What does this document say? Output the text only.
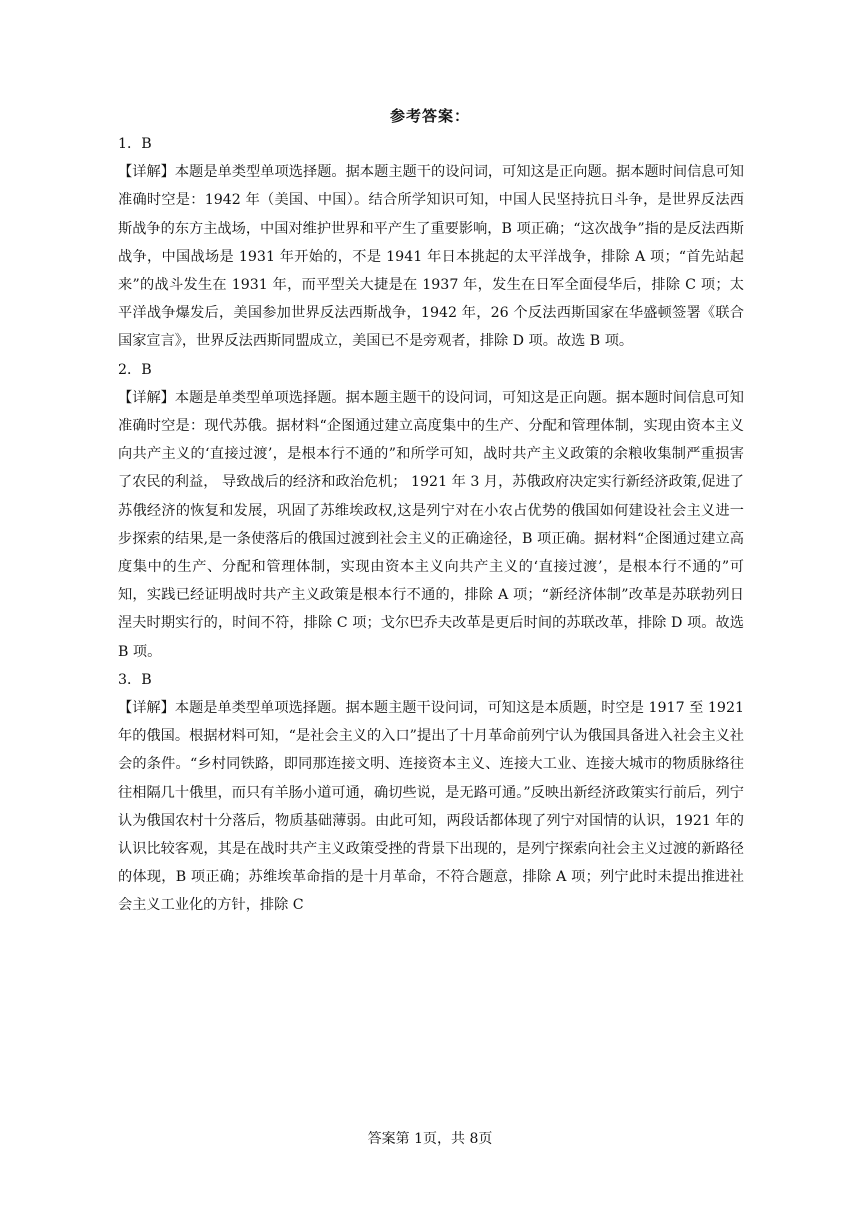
参考答案：
1．B

【详解】本题是单类型单项选择题。据本题主题干的设问词，可知这是正向题。据本题时间信息可知准确时空是：1942 年（美国、中国）。结合所学知识可知，中国人民坚持抗日斗争，是世界反法西斯战争的东方主战场，中国对维护世界和平产生了重要影响，B 项正确；“这次战争”指的是反法西斯战争，中国战场是 1931 年开始的，不是 1941 年日本挑起的太平洋战争，排除 A 项；“首先站起来”的战斗发生在 1931 年，而平型关大捷是在 1937 年，发生在日军全面侵华后，排除 C 项；太平洋战争爆发后，美国参加世界反法西斯战争，1942 年，26 个反法西斯国家在华盛顿签署《联合国家宣言》，世界反法西斯同盟成立，美国已不是旁观者，排除 D 项。故选 B 项。

2．B

【详解】本题是单类型单项选择题。据本题主题干的设问词，可知这是正向题。据本题时间信息可知准确时空是：现代苏俄。据材料“企图通过建立高度集中的生产、分配和管理体制，实现由资本主义向共产主义的‘直接过渡’，是根本行不通的”和所学可知，战时共产主义政策的余粮收集制严重损害了农民的利益， 导致战后的经济和政治危机； 1921 年 3 月，苏俄政府决定实行新经济政策,促进了苏俄经济的恢复和发展，巩固了苏维埃政权,这是列宁对在小农占优势的俄国如何建设社会主义进一步探索的结果,是一条使落后的俄国过渡到社会主义的正确途径，B 项正确。据材料“企图通过建立高度集中的生产、分配和管理体制，实现由资本主义向共产主义的‘直接过渡’，是根本行不通的”可知，实践已经证明战时共产主义政策是根本行不通的，排除 A 项；“新经济体制”改革是苏联勃列日涅夫时期实行的，时间不符，排除 C 项；戈尔巴乔夫改革是更后时间的苏联改革，排除 D 项。故选 B 项。

3．B

【详解】本题是单类型单项选择题。据本题主题干设问词，可知这是本质题，时空是 1917 至 1921 年的俄国。根据材料可知，“是社会主义的入口”提出了十月革命前列宁认为俄国具备进入社会主义社会的条件。“乡村同铁路，即同那连接文明、连接资本主义、连接大工业、连接大城市的物质脉络往往相隔几十俄里，而只有羊肠小道可通，确切些说，是无路可通。”反映出新经济政策实行前后，列宁认为俄国农村十分落后，物质基础薄弱。由此可知，两段话都体现了列宁对国情的认识，1921 年的认识比较客观，其是在战时共产主义政策受挫的背景下出现的，是列宁探索向社会主义过渡的新路径的体现，B 项正确；苏维埃革命指的是十月革命，不符合题意，排除 A 项；列宁此时未提出推进社会主义工业化的方针，排除 C

答案第 1页，共 8页
